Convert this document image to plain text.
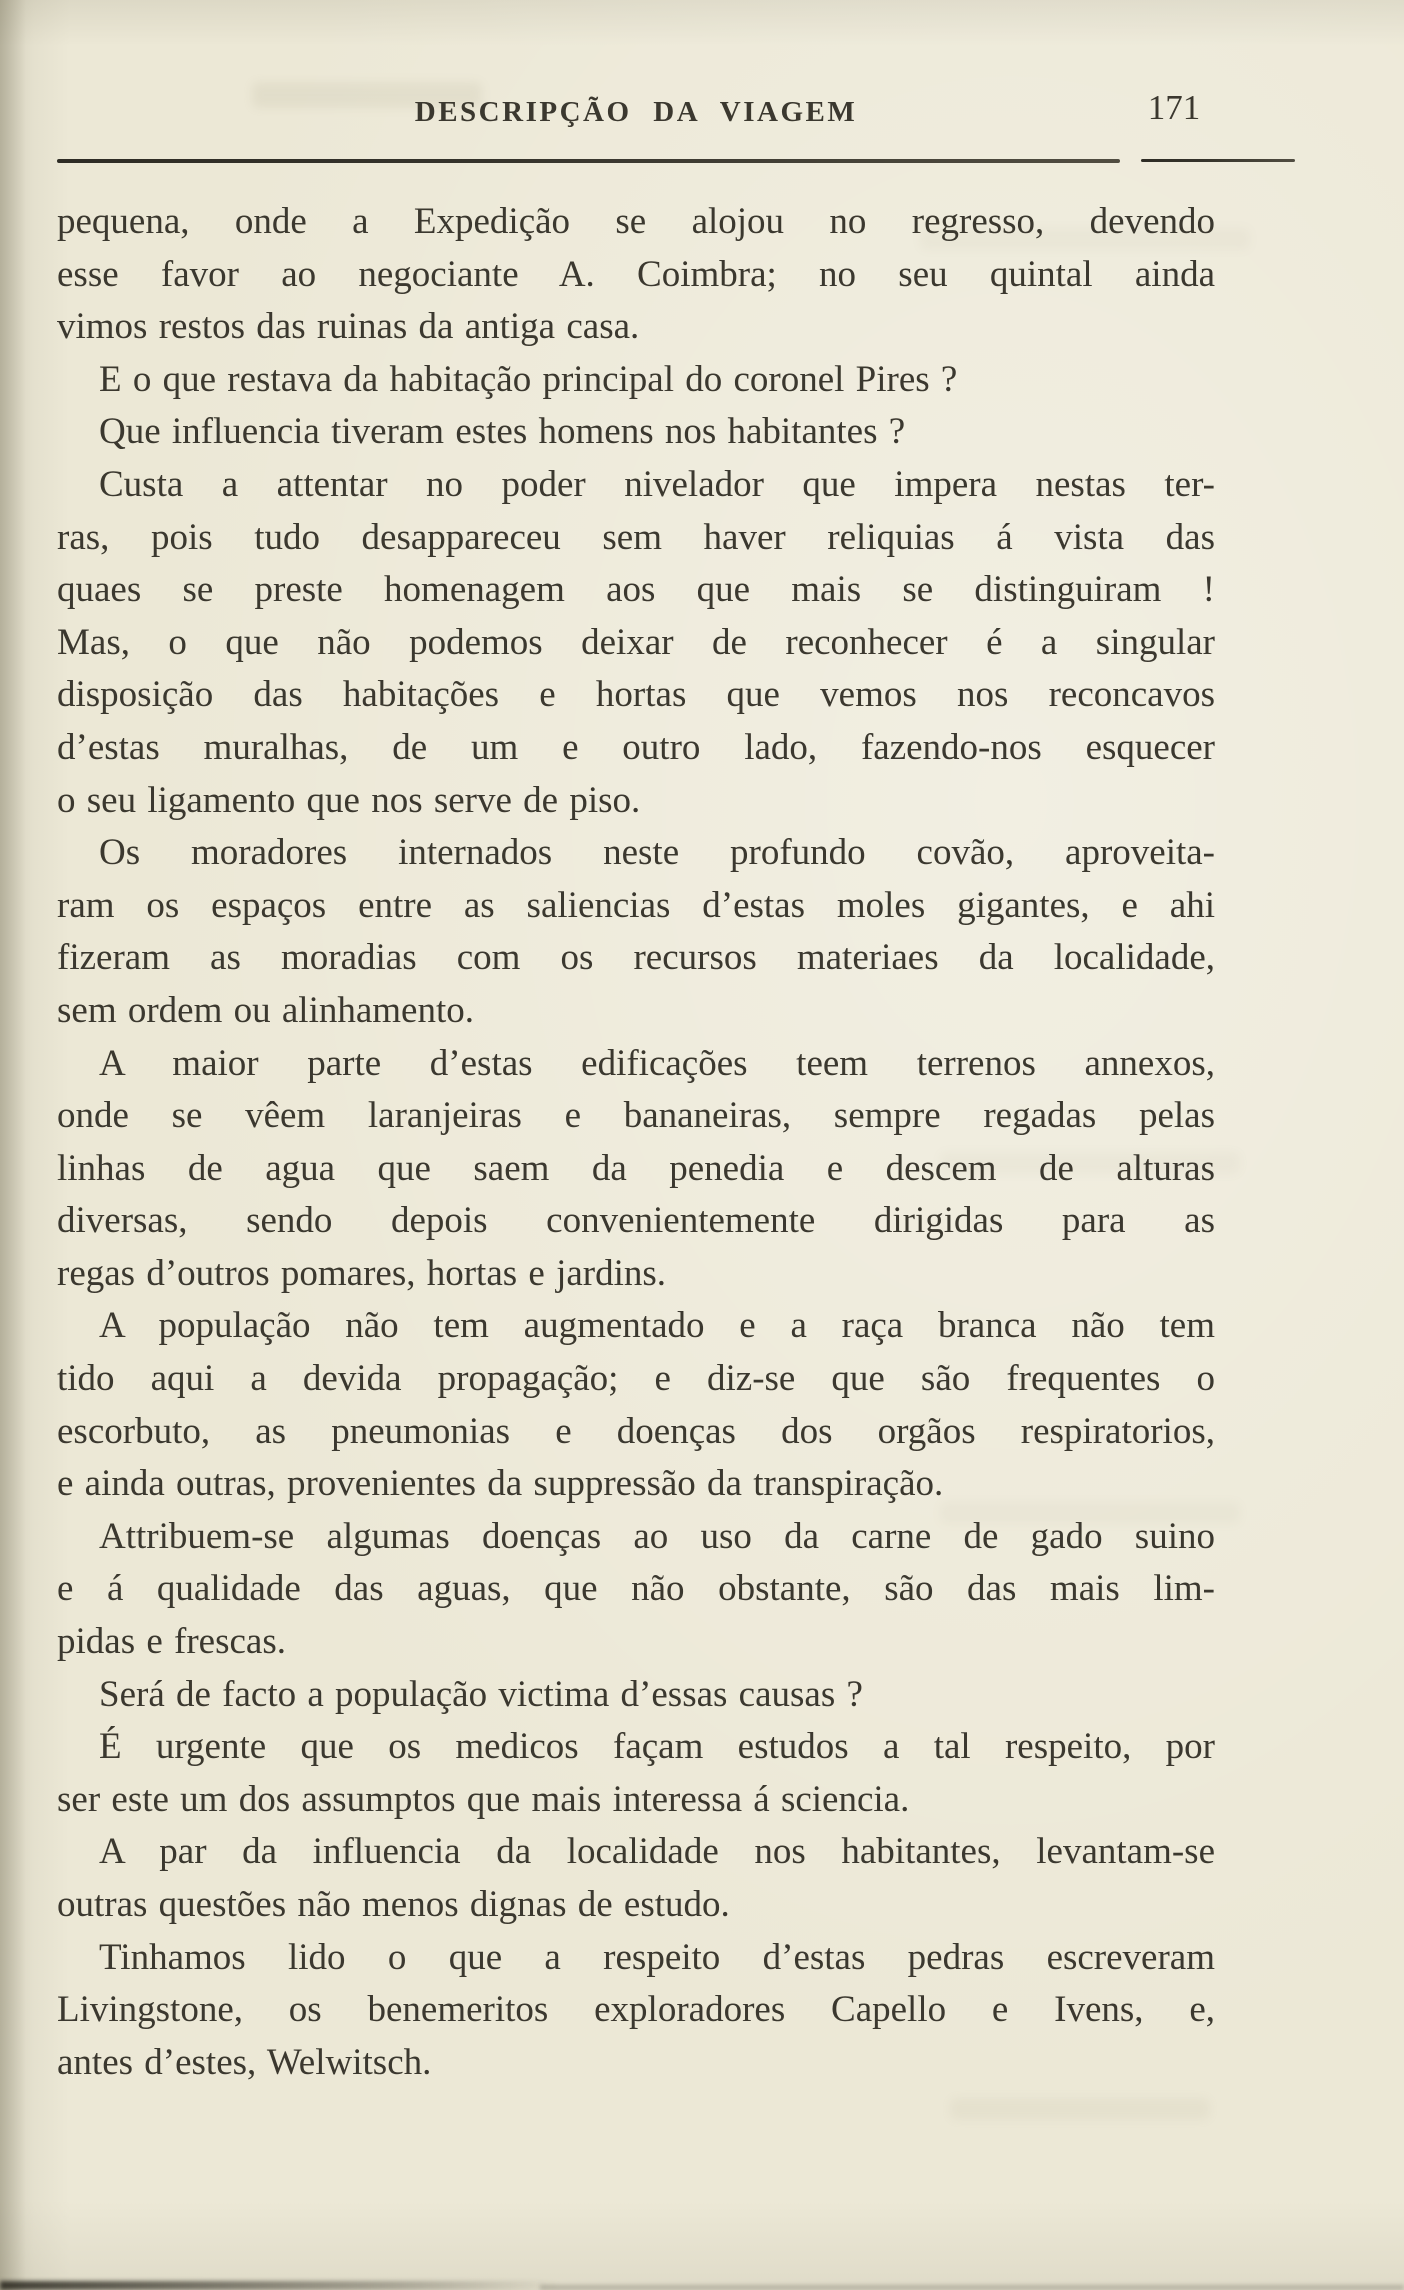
DESCRIPÇÃO DA VIAGEM	171
pequena, onde a Expedição se alojou no regresso, devendo
esse favor ao negociante A. Coimbra; no seu quintal ainda
vimos restos das ruinas da antiga casa.
E o que restava da habitação principal do coronel Pires ?
Que influencia tiveram estes homens nos habitantes ?
Custa a attentar no poder nivelador que impera nestas ter-
ras, pois tudo desappareceu sem haver reliquias á vista das
quaes se preste homenagem aos que mais se distinguiram !
Mas, o que não podemos deixar de reconhecer é a singular
disposição das habitações e hortas que vemos nos reconcavos
d’estas muralhas, de um e outro lado, fazendo-nos esquecer
o seu ligamento que nos serve de piso.
Os moradores internados neste profundo covão, aproveita-
ram os espaços entre as saliencias d’estas moles gigantes, e ahi
fizeram as moradias com os recursos materiaes da localidade,
sem ordem ou alinhamento.
A maior parte d’estas edificações teem terrenos annexos,
onde se vêem laranjeiras e bananeiras, sempre regadas pelas
linhas de agua que saem da penedia e descem de alturas
diversas, sendo depois convenientemente dirigidas para as
regas d’outros pomares, hortas e jardins.
A população não tem augmentado e a raça branca não tem
tido aqui a devida propagação; e diz-se que são frequentes o
escorbuto, as pneumonias e doenças dos orgãos respiratorios,
e ainda outras, provenientes da suppressão da transpiração.
Attribuem-se algumas doenças ao uso da carne de gado suino
e á qualidade das aguas, que não obstante, são das mais lim-
pidas e frescas.
Será de facto a população victima d’essas causas ?
É urgente que os medicos façam estudos a tal respeito, por
ser este um dos assumptos que mais interessa á sciencia.
A par da influencia da localidade nos habitantes, levantam-se
outras questões não menos dignas de estudo.
Tinhamos lido o que a respeito d’estas pedras escreveram
Livingstone, os benemeritos exploradores Capello e Ivens, e,
antes d’estes, Welwitsch.
